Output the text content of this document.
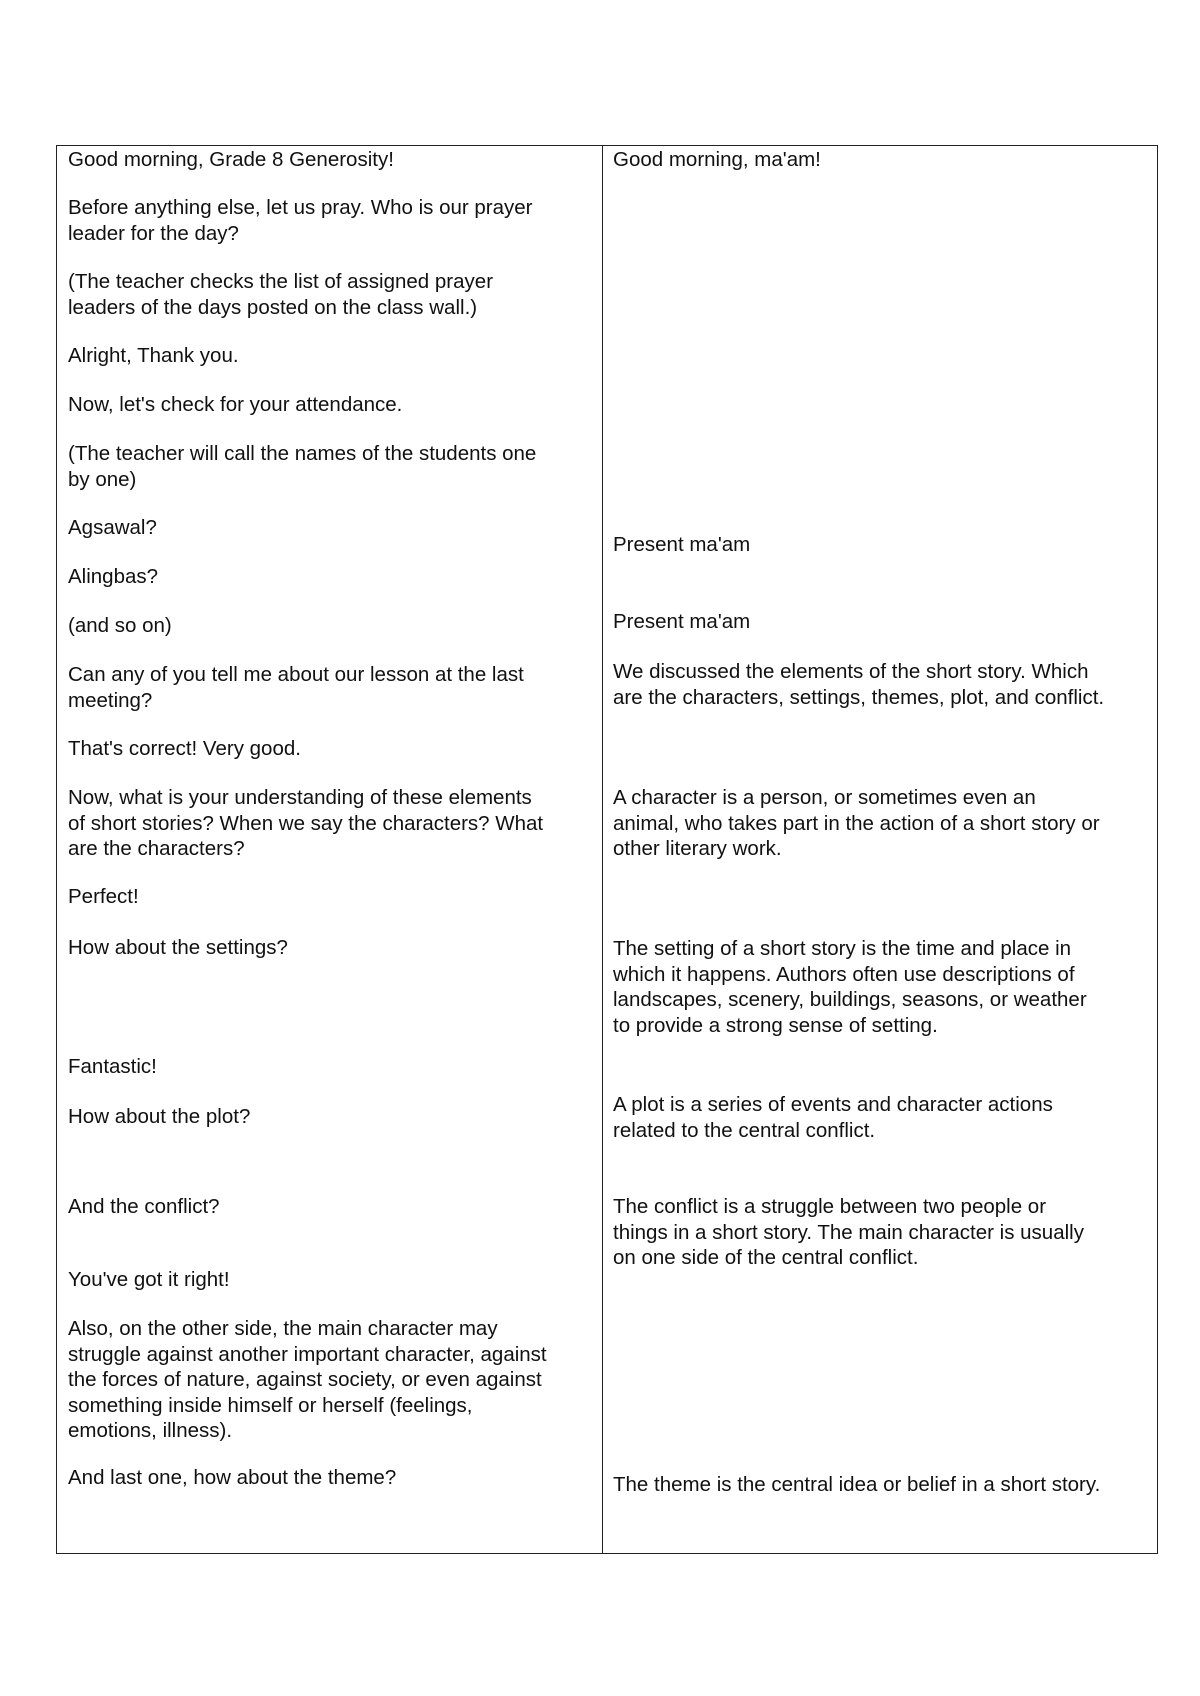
Good morning, Grade 8 Generosity!
Before anything else, let us pray. Who is our prayer
leader for the day?
(The teacher checks the list of assigned prayer
leaders of the days posted on the class wall.)
Alright, Thank you.
Now, let's check for your attendance.
(The teacher will call the names of the students one
by one)
Agsawal?
Alingbas?
(and so on)
Can any of you tell me about our lesson at the last
meeting?
That's correct! Very good.
Now, what is your understanding of these elements
of short stories? When we say the characters? What
are the characters?
Perfect!
How about the settings?
Fantastic!
How about the plot?
And the conflict?
You've got it right!
Also, on the other side, the main character may
struggle against another important character, against
the forces of nature, against society, or even against
something inside himself or herself (feelings,
emotions, illness).
And last one, how about the theme?
Good morning, ma'am!
Present ma'am
Present ma'am
We discussed the elements of the short story. Which
are the characters, settings, themes, plot, and conflict.
A character is a person, or sometimes even an
animal, who takes part in the action of a short story or
other literary work.
The setting of a short story is the time and place in
which it happens. Authors often use descriptions of
landscapes, scenery, buildings, seasons, or weather
to provide a strong sense of setting.
A plot is a series of events and character actions
related to the central conflict.
The conflict is a struggle between two people or
things in a short story. The main character is usually
on one side of the central conflict.
The theme is the central idea or belief in a short story.
